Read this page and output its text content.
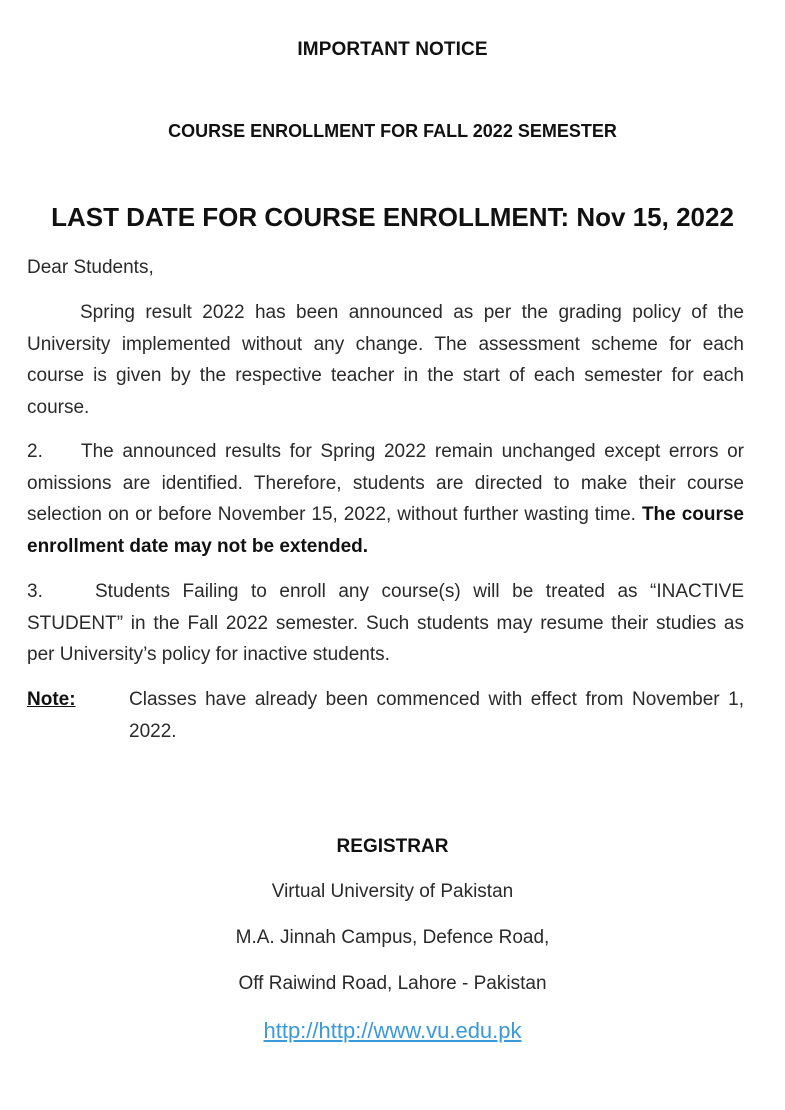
IMPORTANT NOTICE
COURSE ENROLLMENT FOR FALL 2022 SEMESTER
LAST DATE FOR COURSE ENROLLMENT: Nov 15, 2022
Dear Students,
Spring result 2022 has been announced as per the grading policy of the University implemented without any change. The assessment scheme for each course is given by the respective teacher in the start of each semester for each course.
2. The announced results for Spring 2022 remain unchanged except errors or omissions are identified. Therefore, students are directed to make their course selection on or before November 15, 2022, without further wasting time. The course enrollment date may not be extended.
3.	Students Failing to enroll any course(s) will be treated as “INACTIVE STUDENT” in the Fall 2022 semester. Such students may resume their studies as per University’s policy for inactive students.
Note:	Classes have already been commenced with effect from November 1, 2022.
REGISTRAR
Virtual University of Pakistan
M.A. Jinnah Campus, Defence Road,
Off Raiwind Road, Lahore - Pakistan
http://http://www.vu.edu.pk
